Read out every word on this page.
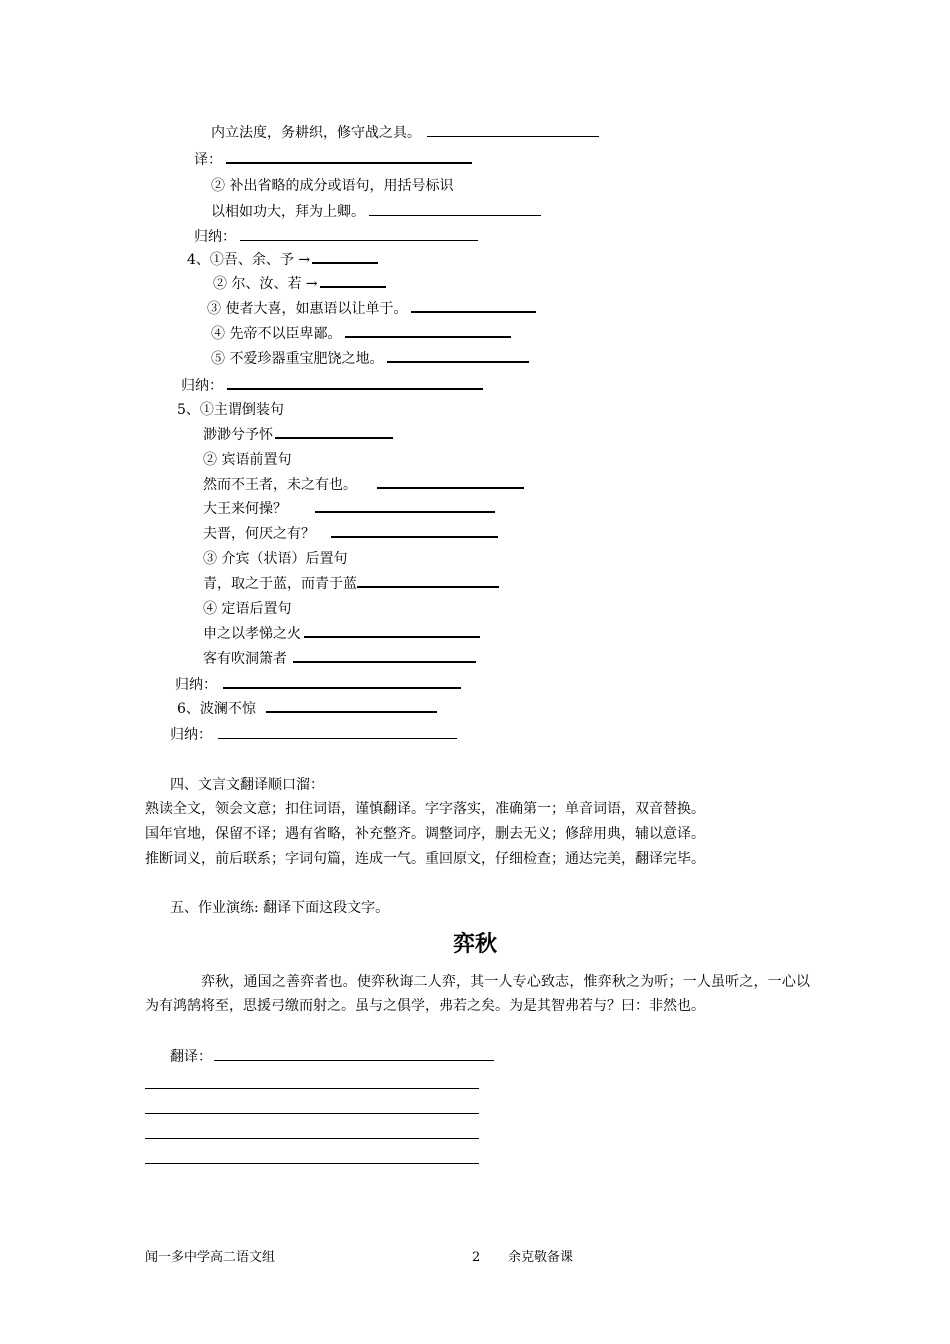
内立法度，务耕织，修守战之具。
译：
② 补出省略的成分或语句，用括号标识
以相如功大，拜为上卿。
归纳：
4、①吾、余、予 →
② 尔、汝、若 →
③ 使者大喜，如惠语以让单于。
④ 先帝不以臣卑鄙。
⑤ 不爱珍器重宝肥饶之地。
归纳：
5、①主谓倒装句
渺渺兮予怀
② 宾语前置句
然而不王者，未之有也。
大王来何操？
夫晋，何厌之有？
③ 介宾（状语）后置句
青，取之于蓝，而青于蓝
④ 定语后置句
申之以孝悌之火
客有吹洞箫者
归纳：
6、波澜不惊
归纳：
四、文言文翻译顺口溜：
熟读全文，领会文意；扣住词语，谨慎翻译。字字落实，准确第一；单音词语，双音替换。
国年官地，保留不译；遇有省略，补充整齐。调整词序，删去无义；修辞用典，辅以意译。
推断词义，前后联系；字词句篇，连成一气。重回原文，仔细检查；通达完美，翻译完毕。
五、作业演练: 翻译下面这段文字。
弈秋
弈秋，通国之善弈者也。使弈秋诲二人弈，其一人专心致志，惟弈秋之为听；一人虽听之，一心以为有鸿鹄将至，思援弓缴而射之。虽与之俱学，弗若之矣。为是其智弗若与？曰：非然也。
翻译：
闻一多中学高二语文组	2 余克敬备课
